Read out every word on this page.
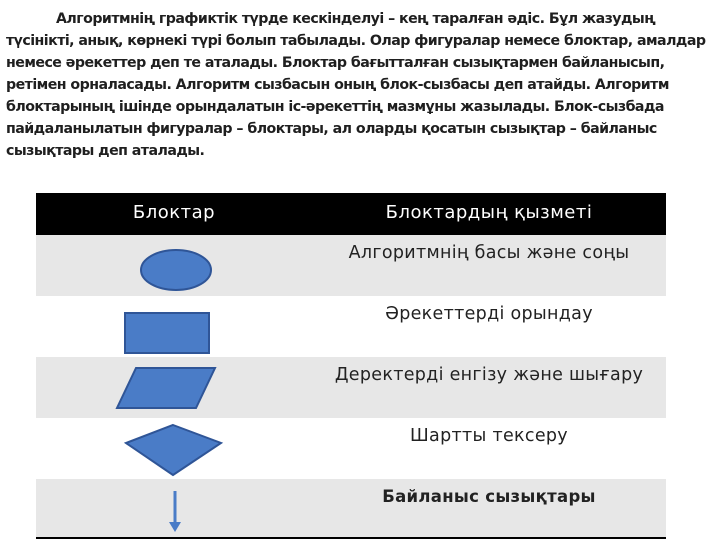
Алгоритмнің графиктік түрде кескінделуі – кең таралған әдіс. Бұл жазудың түсінікті, анық, көрнекі түрі болып табылады. Олар фигуралар немесе блоктар, амалдар немесе әрекеттер деп те аталады. Блоктар бағытталған сызықтармен байланысып, ретімен орналасады. Алгоритм сызбасын оның блок-сызбасы деп атайды. Алгоритм блоктарының ішінде орындалатын іс-әрекеттің мазмұны жазылады. Блок-сызбада пайдаланылатын фигуралар – блоктары, ал оларды қосатын сызықтар – байланыс сызықтары деп аталады.

Блоктар	Блоктардың қызметі
Алгоритмнің басы және соңы
Әрекеттерді орындау
Деректерді енгізу және шығару
Шартты тексеру
Байланыс сызықтары
